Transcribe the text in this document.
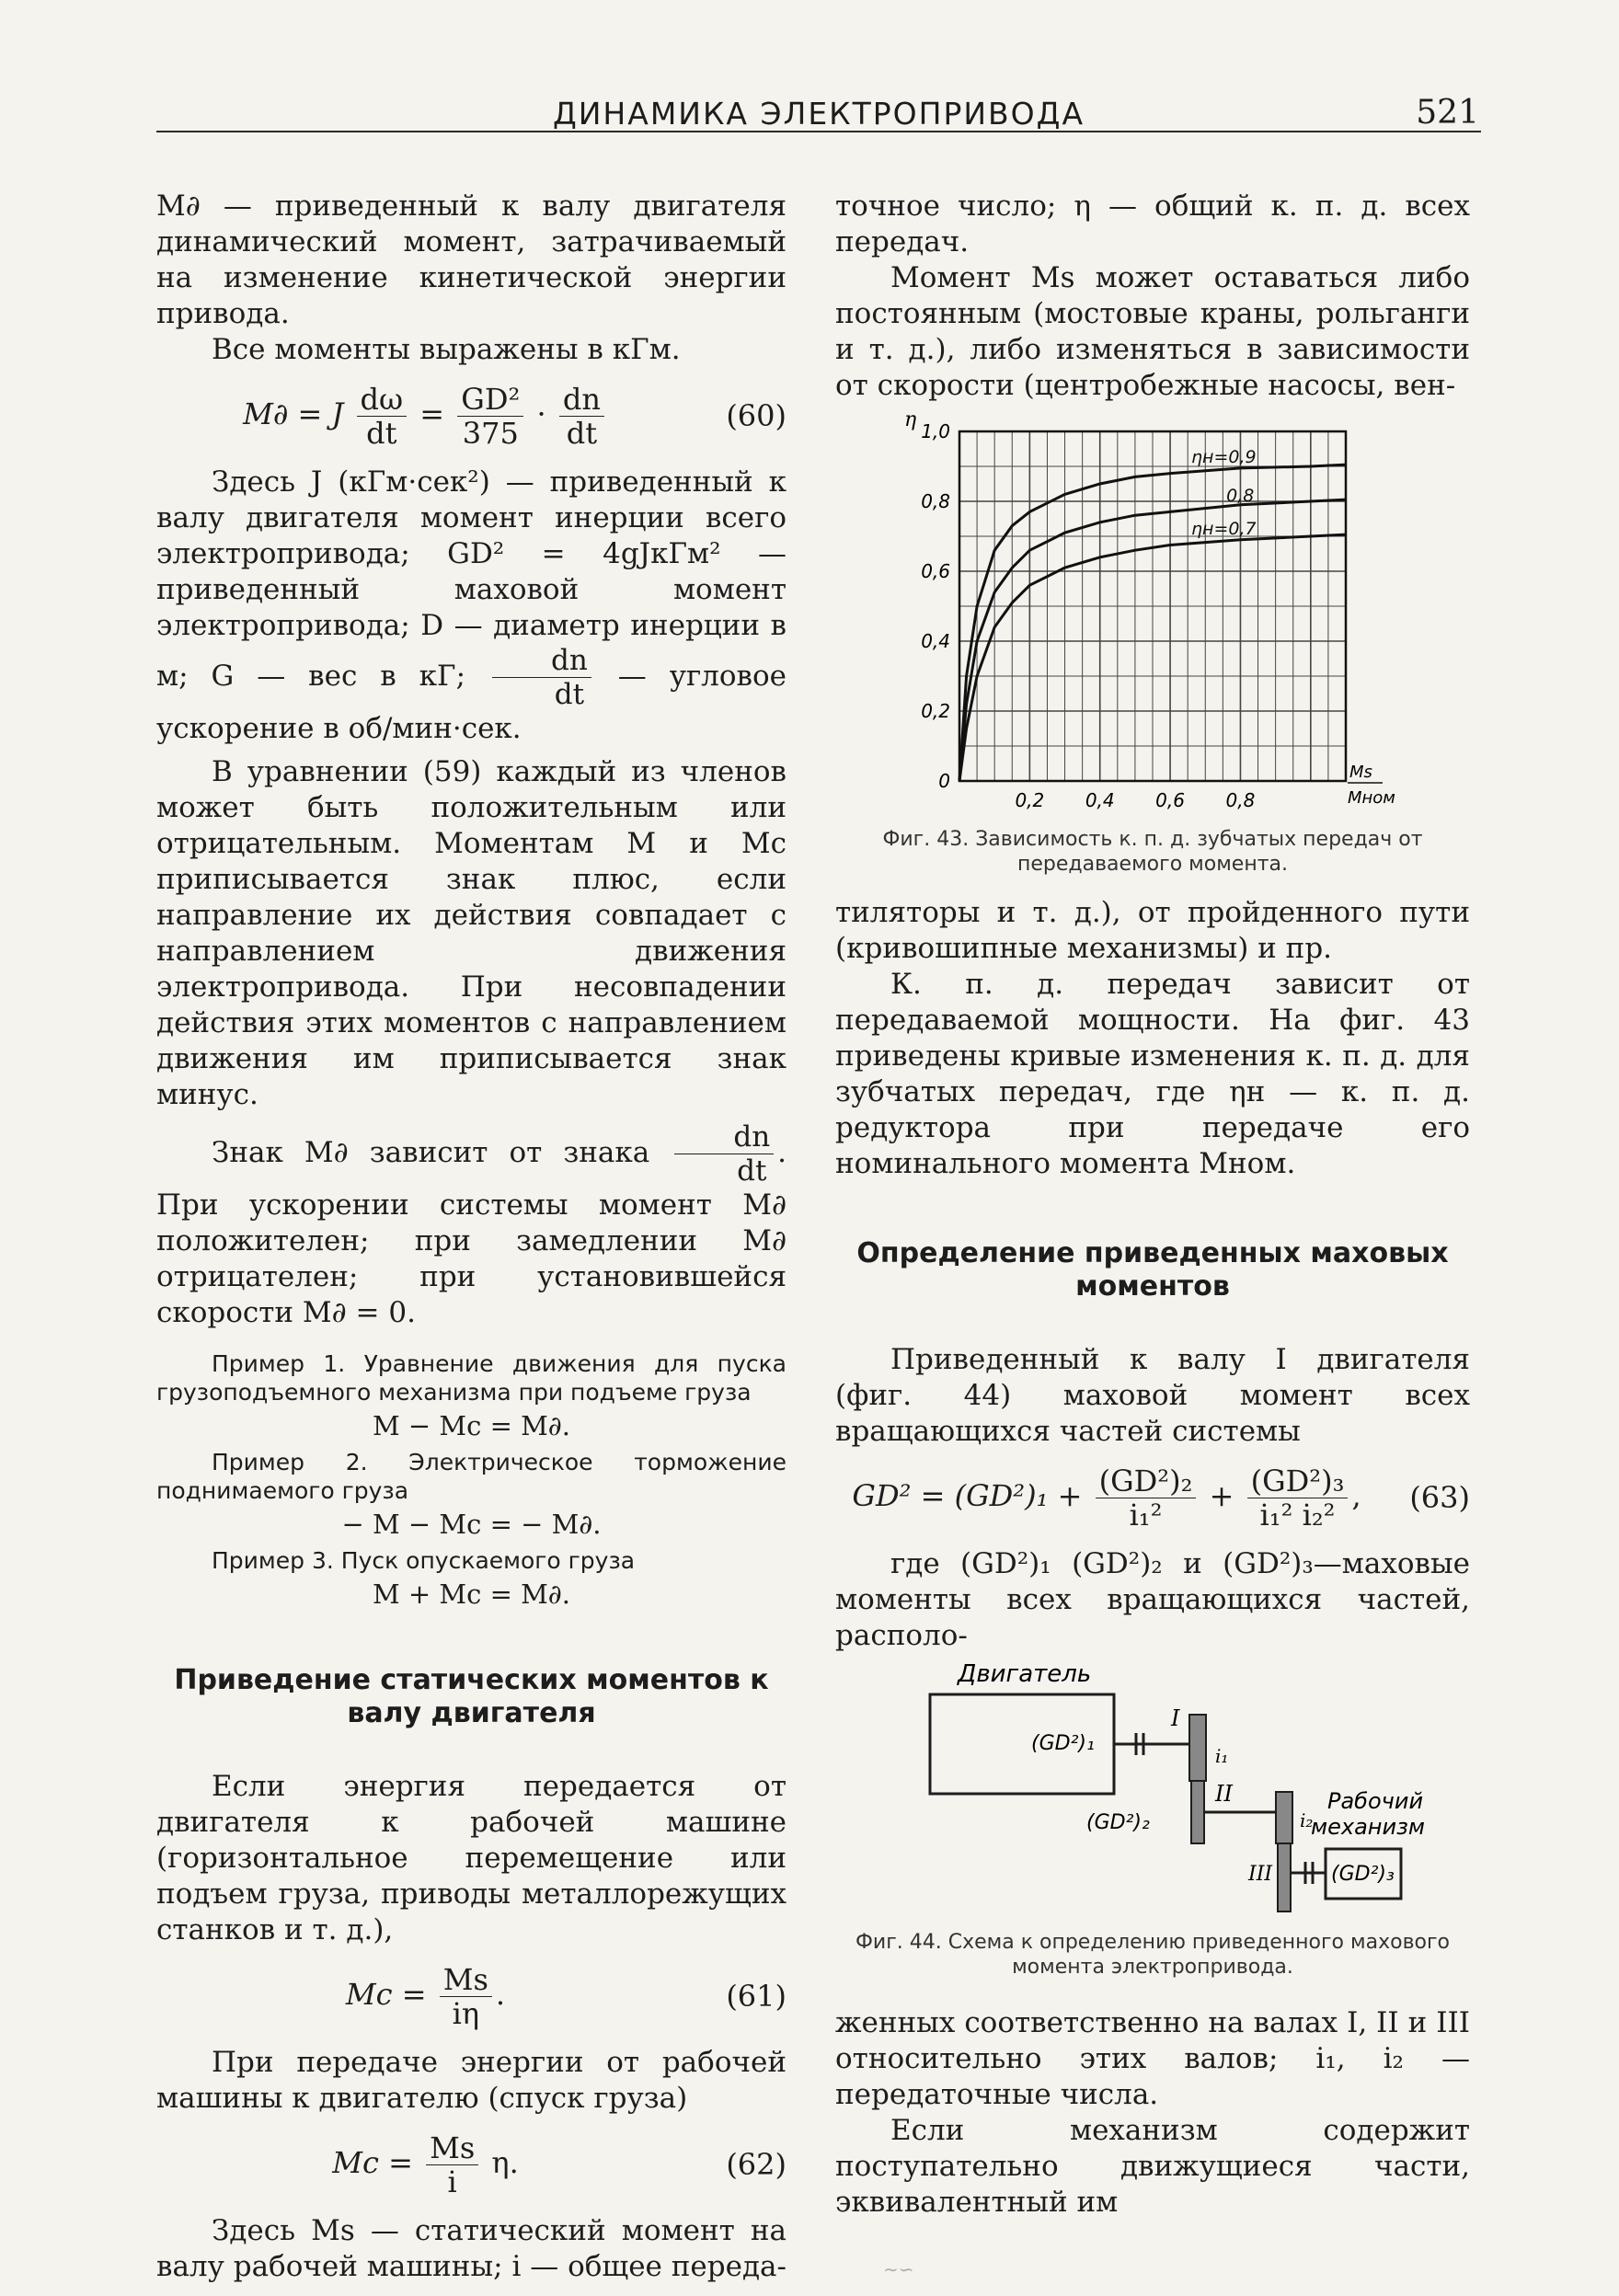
ДИНАМИКА ЭЛЕКТРОПРИВОДА	521

M∂ — приведенный к валу двигателя динамический момент, затрачиваемый на изменение кинетической энергии привода.

Все моменты выражены в кГм.

M∂ = J $\frac{d\omega}{dt} = \frac{\text{GD²}}{375} \cdot \frac{dn}{dt}$	(60)

Здесь J (кГм·сек²) — приведенный к валу двигателя момент инерции всего электропривода; GD² = 4gJкГм² — приведенный маховой момент электропривода; D — диаметр инерции в м; G — вес в кГ; $\frac{dn}{dt}$ — угловое ускорение в об/мин·сек.

В уравнении (59) каждый из членов может быть положительным или отрицательным. Моментам M и Mc приписывается знак плюс, если направление их действия совпадает с направлением движения электропривода. При несовпадении действия этих моментов с направлением движения им приписывается знак минус.

Знак M∂ зависит от знака $\frac{dn}{dt}$ . При ускорении системы момент M∂ положителен; при замедлении M∂ отрицателен; при установившейся скорости M∂ = 0.

Пример 1. Уравнение движения для пуска грузоподъемного механизма при подъеме груза

M − Mc = M∂.

Пример 2. Электрическое торможение поднимаемого груза

− M − Mc = − M∂.

Пример 3. Пуск опускаемого груза

M + Mc = M∂.
Приведение статических моментов к валу двигателя

Если энергия передается от двигателя к рабочей машине (горизонтальное перемещение или подъем груза, приводы металлорежущих станков и т. д.),

$Mc = \frac{Ms}{i\eta}$ .	(61)

При передаче энергии от рабочей машины к двигателю (спуск груза)

$Mc = \frac{Ms}{i} \eta$.	(62)

Здесь Ms — статический момент на валу рабочей машины; i — общее переда-

точное число; η — общий к. п. д. всех передач.

Момент Ms может оставаться либо постоянным (мостовые краны, рольганги и т. д.), либо изменяться в зависимости от скорости (центробежные насосы, вен-

0
0,2
0,4
0,6
0,8
1,0
0,2 0,4 0,6 0,8
η
Ms
Mном
ηн=0,9
0,8
ηн=0,7
Фиг. 43. Зависимость к. п. д. зубчатых передач от передаваемого момента.

тиляторы и т. д.), от пройденного пути (кривошипные механизмы) и пр.

К. п. д. передач зависит от передаваемой мощности. На фиг. 43 приведены кривые изменения к. п. д. для зубчатых передач, где ηн — к. п. д. редуктора при передаче его номинального момента Mном.

Определение приведенных маховых моментов

Приведенный к валу I двигателя (фиг. 44) маховой момент всех вращающихся частей системы

$GD^2 = (GD^2)_1 + \frac{\text{(GD²)₂}}{\text{i₁²}} + \frac{\text{(GD²)₃}}{\text{i₁² i₂²}}$ ,	(63)

где (GD²)₁ (GD²)₂ и (GD²)₃—маховые моменты всех вращающихся частей, располо-

Двигатель
(GD²)₁
I
i₁
(GD²)₂
II
i₂
Рабочий
механизм
III	(GD²)₃
Фиг. 44. Схема к определению приведенного махового момента электропривода.

женных соответственно на валах I, II и III относительно этих валов; i₁, i₂ — передаточные числа.

Если механизм содержит поступательно движущиеся части, эквивалентный им

∼∽
